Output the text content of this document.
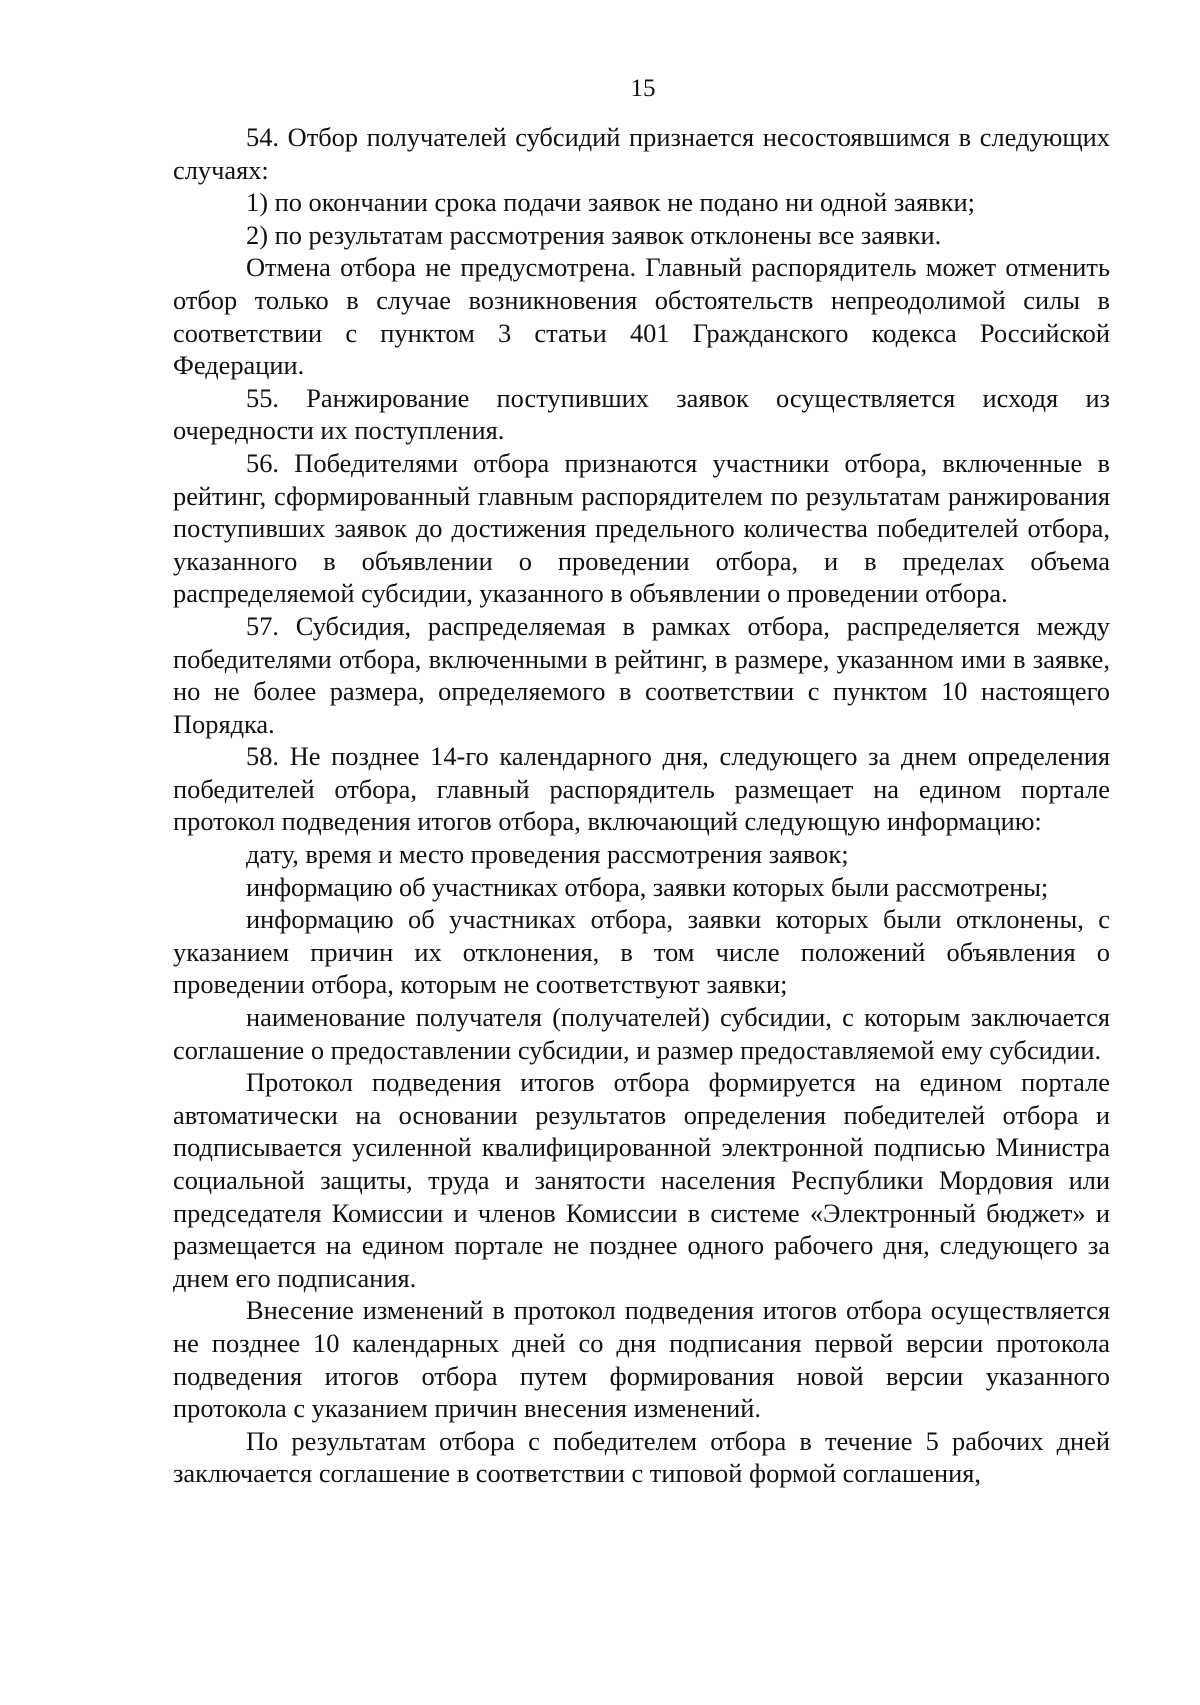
15

54. Отбор получателей субсидий признается несостоявшимся в следующих случаях:

1) по окончании срока подачи заявок не подано ни одной заявки;

2) по результатам рассмотрения заявок отклонены все заявки.

Отмена отбора не предусмотрена. Главный распорядитель может отменить отбор только в случае возникновения обстоятельств непреодолимой силы в соответствии с пунктом 3 статьи 401 Гражданского кодекса Российской Федерации.

55. Ранжирование поступивших заявок осуществляется исходя из очередности их поступления.

56. Победителями отбора признаются участники отбора, включенные в рейтинг, сформированный главным распорядителем по результатам ранжирования поступивших заявок до достижения предельного количества победителей отбора, указанного в объявлении о проведении отбора, и в пределах объема распределяемой субсидии, указанного в объявлении о проведении отбора.

57. Субсидия, распределяемая в рамках отбора, распределяется между победителями отбора, включенными в рейтинг, в размере, указанном ими в заявке, но не более размера, определяемого в соответствии с пунктом 10 настоящего Порядка.

58. Не позднее 14-го календарного дня, следующего за днем определения победителей отбора, главный распорядитель размещает на едином портале протокол подведения итогов отбора, включающий следующую информацию:

дату, время и место проведения рассмотрения заявок;

информацию об участниках отбора, заявки которых были рассмотрены;

информацию об участниках отбора, заявки которых были отклонены, с указанием причин их отклонения, в том числе положений объявления о проведении отбора, которым не соответствуют заявки;

наименование получателя (получателей) субсидии, с которым заключается соглашение о предоставлении субсидии, и размер предоставляемой ему субсидии.

Протокол подведения итогов отбора формируется на едином портале автоматически на основании результатов определения победителей отбора и подписывается усиленной квалифицированной электронной подписью Министра социальной защиты, труда и занятости населения Республики Мордовия или председателя Комиссии и членов Комиссии в системе «Электронный бюджет» и размещается на едином портале не позднее одного рабочего дня, следующего за днем его подписания.

Внесение изменений в протокол подведения итогов отбора осуществляется не позднее 10 календарных дней со дня подписания первой версии протокола подведения итогов отбора путем формирования новой версии указанного протокола с указанием причин внесения изменений.

По результатам отбора с победителем отбора в течение 5 рабочих дней заключается соглашение в соответствии с типовой формой соглашения,
